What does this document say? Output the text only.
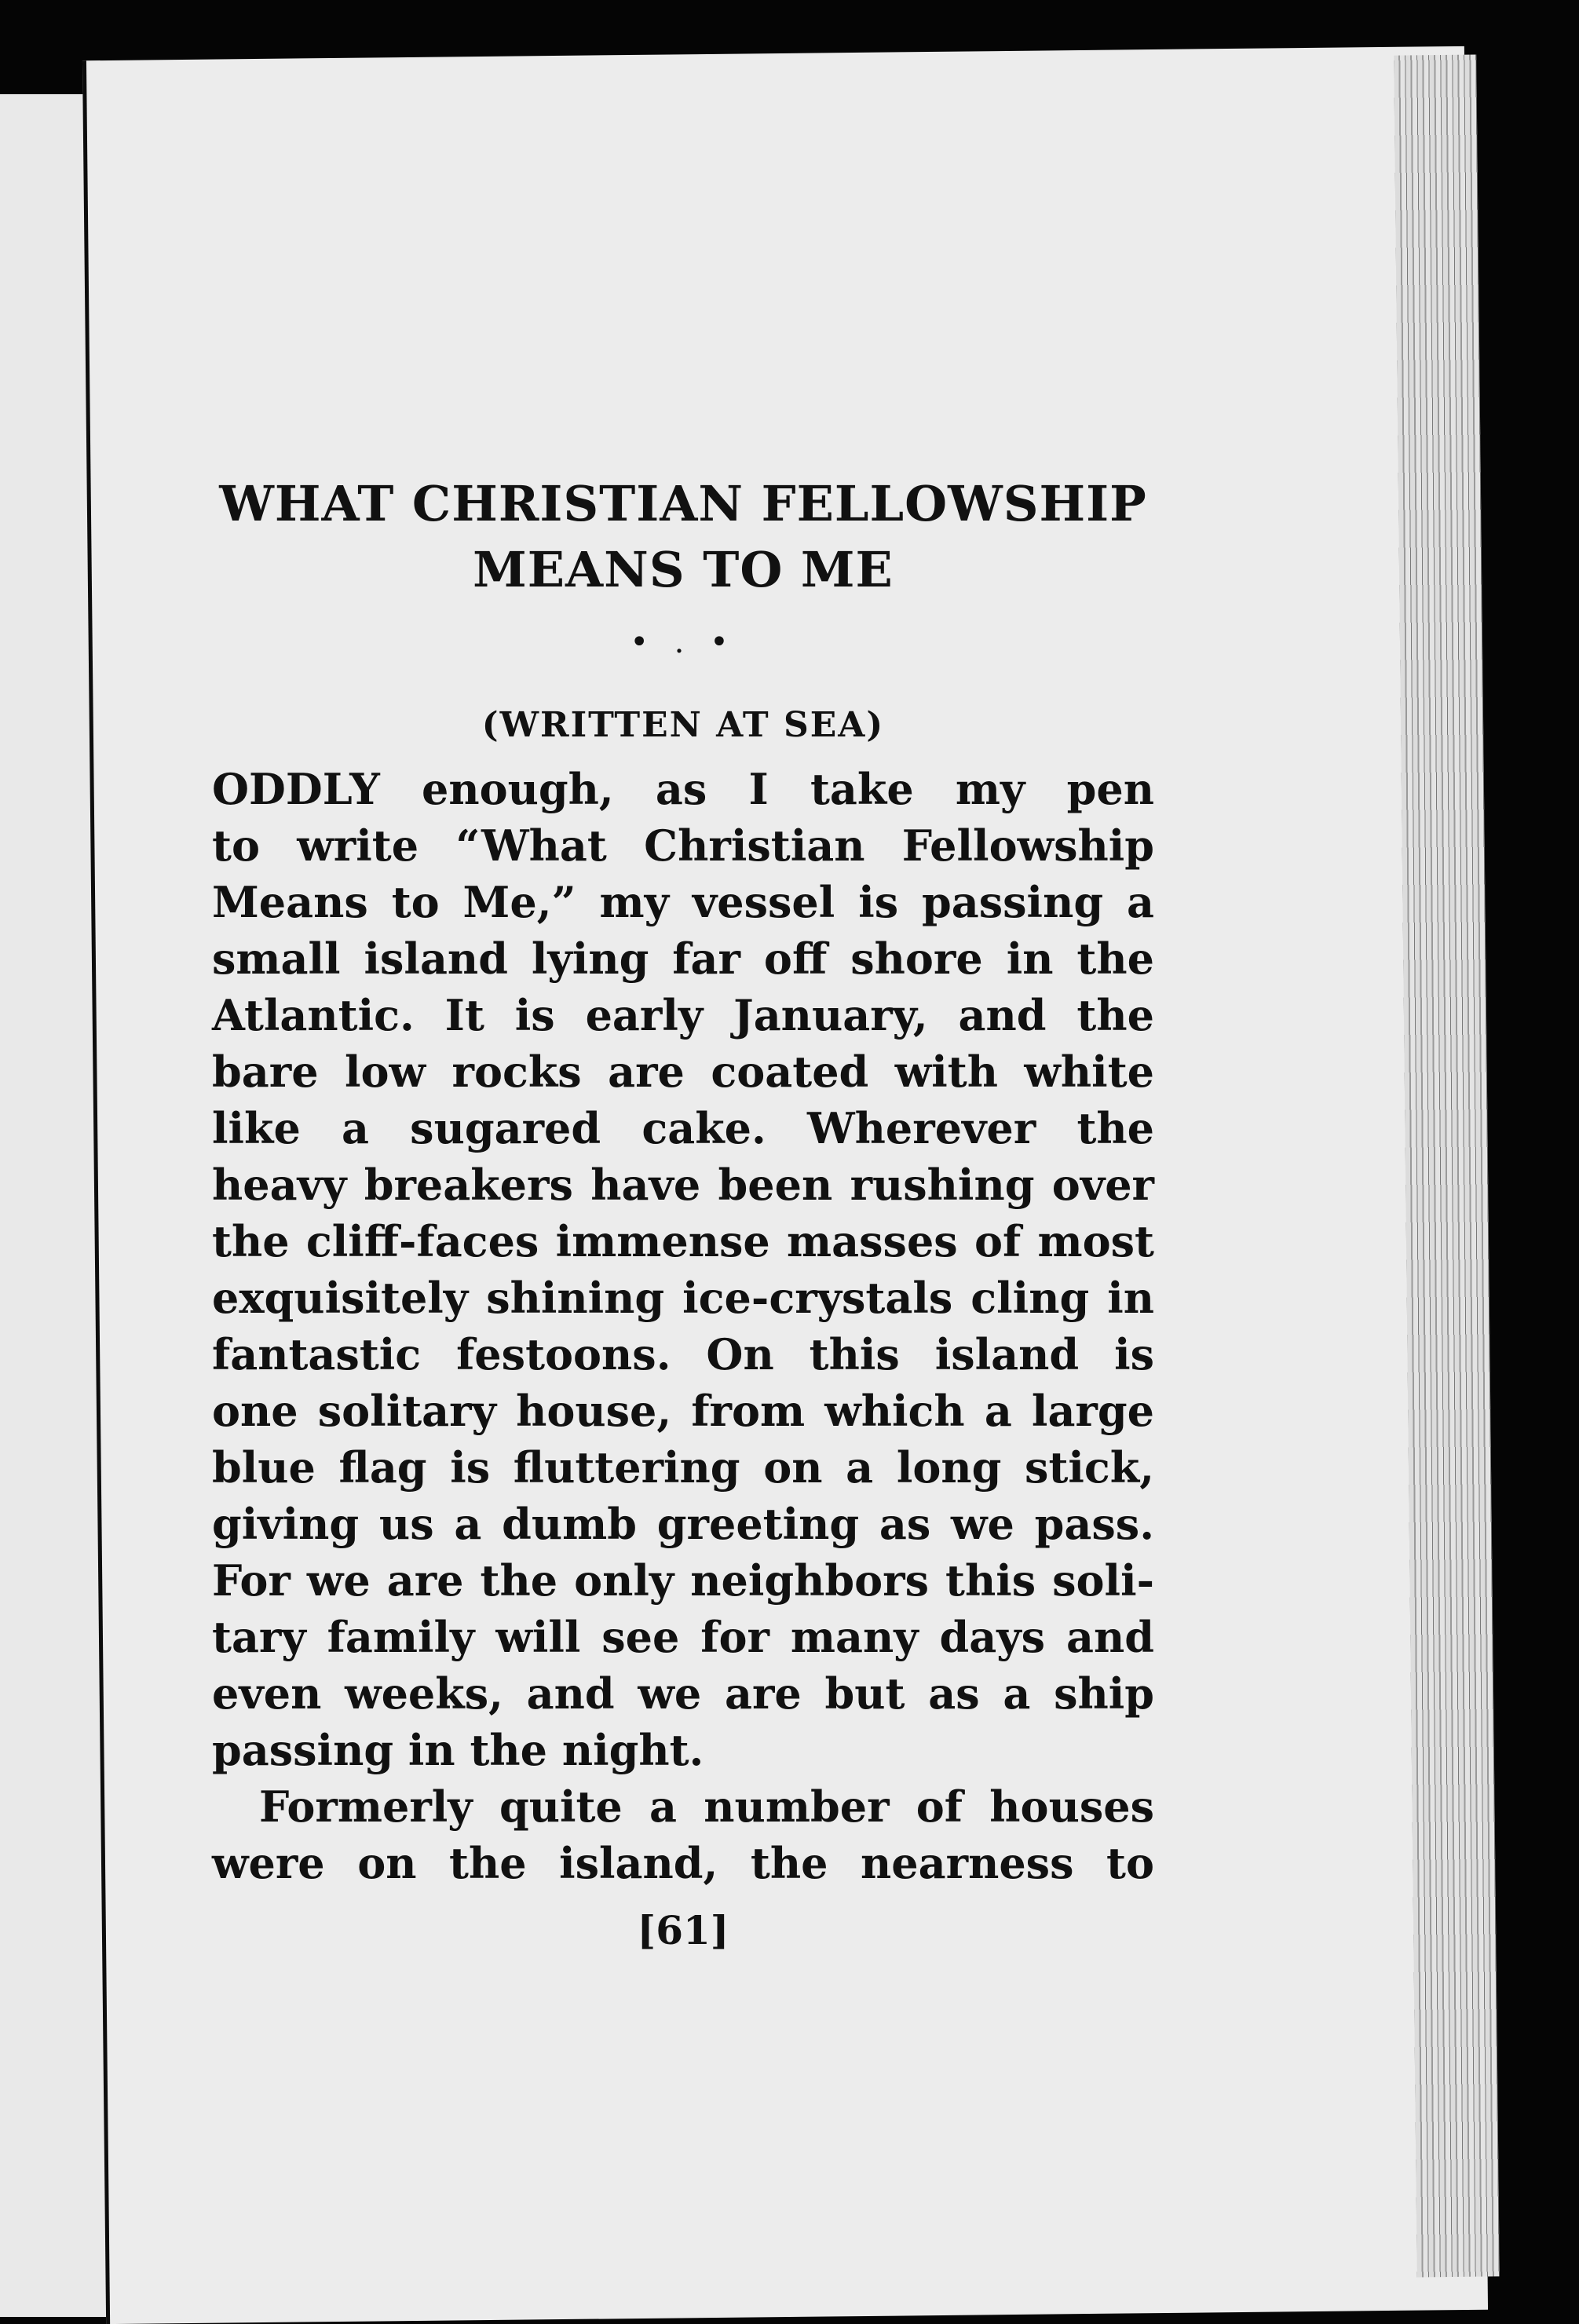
WHAT CHRISTIAN FELLOWSHIP
MEANS TO ME
• . •
(WRITTEN AT SEA)
ODDLY enough, as I take my pen
to write “What Christian Fellowship
Means to Me,” my vessel is passing a
small island lying far off shore in the
Atlantic. It is early January, and the
bare low rocks are coated with white
like a sugared cake. Wherever the
heavy breakers have been rushing over
the cliff-faces immense masses of most
exquisitely shining ice-crystals cling in
fantastic festoons. On this island is
one solitary house, from which a large
blue flag is fluttering on a long stick,
giving us a dumb greeting as we pass.
For we are the only neighbors this soli-
tary family will see for many days and
even weeks, and we are but as a ship
passing in the night.
Formerly quite a number of houses
were on the island, the nearness to
[61]
